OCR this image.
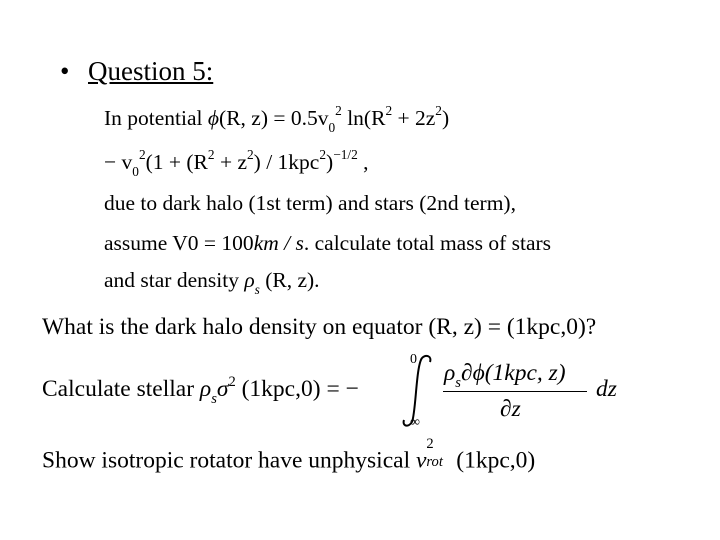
• Question 5:
In potential ϕ(R, $z) = 0.5v_0^2$ $\ln(R^2 + 2z^2)$
− $v_0^2(1 + (R^2 + z^2) / 1kpc^2)^{-1/2}$ ,
due to dark halo (1st term) and stars (2nd term),
assume V0 = 100km / s. calculate total mass of stars
and star density $\rho_s$ (R, z).
What is the dark halo density on equator (R, z) = (1kpc,0)?
Calculate stellar $\rho_s\sigma^2$ (1kpc,0) = −
0
∞
$\rho_s\partial\phi(1kpc$, z)
∂z
dz
Show isotropic rotator have unphysical v
2
rot (1kpc,0)
